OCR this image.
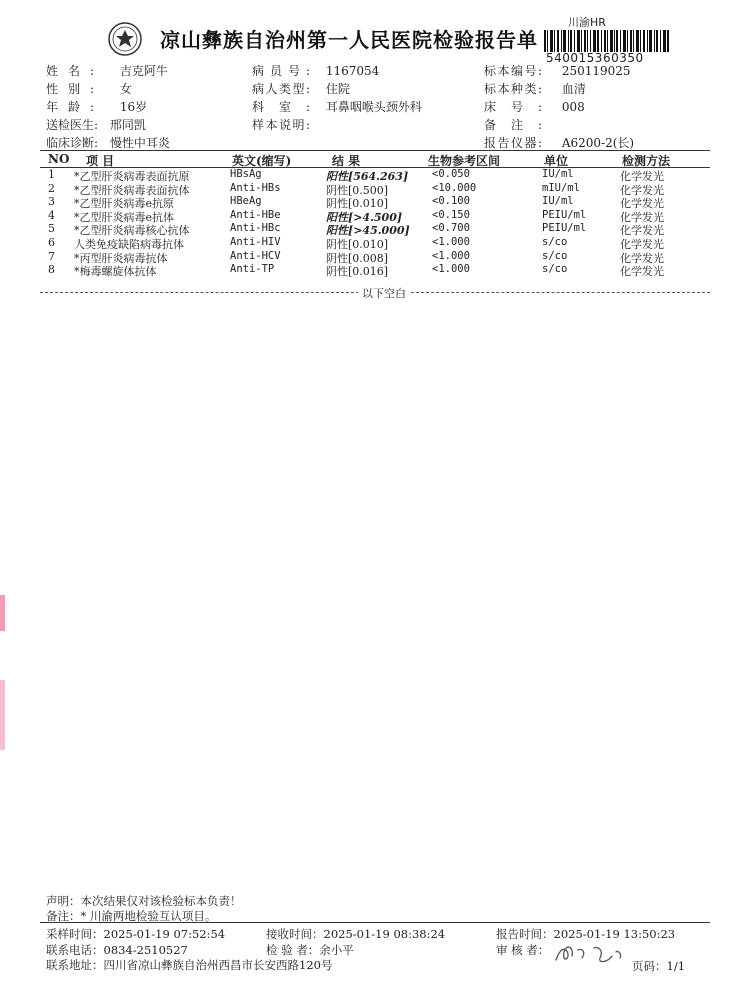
凉山彝族自治州第一人民医院检验报告单
川渝HR
540015360350
姓名: 吉克阿牛
性别: 女
年龄: 16岁
送检医生: 邢同凯
临床诊断: 慢性中耳炎
病员号: 1167054
病人类型: 住院
科室: 耳鼻咽喉头颈外科
样本说明:
标本编号: 250119025
标本种类: 血清
床号: 008
备注:
报告仪器: A6200-2(长)
NO 项 目	英文(缩写)	结 果	生物参考区间	单位	检测方法
1 *乙型肝炎病毒表面抗原	HBsAg	阳性[564.263] <0.050	IU/ml	化学发光
2 *乙型肝炎病毒表面抗体	Anti-HBs	阴性[0.500]	<10.000	mIU/ml	化学发光
3 *乙型肝炎病毒e抗原	HBeAg	阴性[0.010]	<0.100	IU/ml	化学发光
4 *乙型肝炎病毒e抗体	Anti-HBe	阳性[>4.500]	<0.150	PEIU/ml	化学发光
5 *乙型肝炎病毒核心抗体	Anti-HBc	阳性[>45.000] <0.700	PEIU/ml	化学发光
6 人类免疫缺陷病毒抗体	Anti-HIV	阴性[0.010]	<1.000	s/co	化学发光
7 *丙型肝炎病毒抗体	Anti-HCV	阴性[0.008]	<1.000	s/co	化学发光
8 *梅毒螺旋体抗体	Anti-TP	阴性[0.016]	<1.000	s/co	化学发光
以下空白
声明：本次结果仅对该检验标本负责！
备注：* 川渝两地检验互认项目。
采样时间：2025-01-19 07:52:54	接收时间：2025-01-19 08:38:24	报告时间：2025-01-19 13:50:23
联系电话：0834-2510527	检 验 者：余小平	审 核 者：
联系地址：四川省凉山彝族自治州西昌市长安西路120号	页码：1/1
